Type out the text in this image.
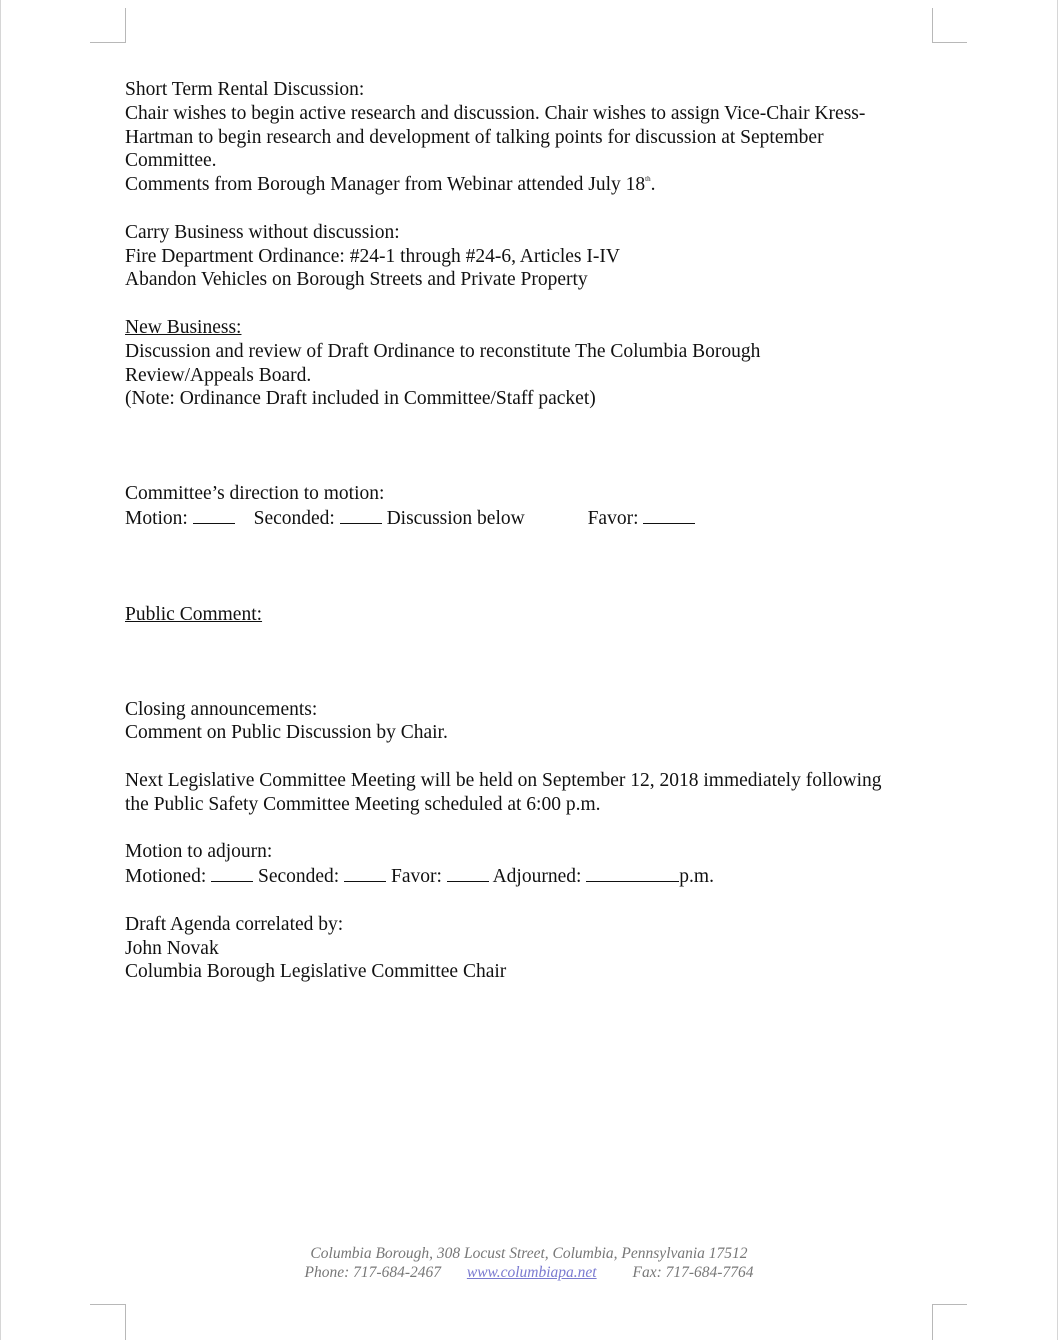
Short Term Rental Discussion:

Chair wishes to begin active research and discussion. Chair wishes to assign Vice-Chair Kress-

Hartman to begin research and development of talking points for discussion at September

Committee.

Comments from Borough Manager from Webinar attended July 18th.

Carry Business without discussion:

Fire Department Ordinance: #24-1 through #24-6, Articles I-IV

Abandon Vehicles on Borough Streets and Private Property

New Business:

Discussion and review of Draft Ordinance to reconstitute The Columbia Borough

Review/Appeals Board.

(Note: Ordinance Draft included in Committee/Staff packet)

Committee’s direction to motion:

Motion:	Seconded:	Discussion below	Favor:

Public Comment:

Closing announcements:

Comment on Public Discussion by Chair.

Next Legislative Committee Meeting will be held on September 12, 2018 immediately following

the Public Safety Committee Meeting scheduled at 6:00 p.m.

Motion to adjourn:

Motioned:	Seconded:	Favor:	Adjourned:	p.m.

Draft Agenda correlated by:

John Novak

Columbia Borough Legislative Committee Chair

Columbia Borough, 308 Locust Street, Columbia, Pennsylvania 17512
Phone: 717-684-2467 www.columbiapa.net Fax: 717-684-7764
